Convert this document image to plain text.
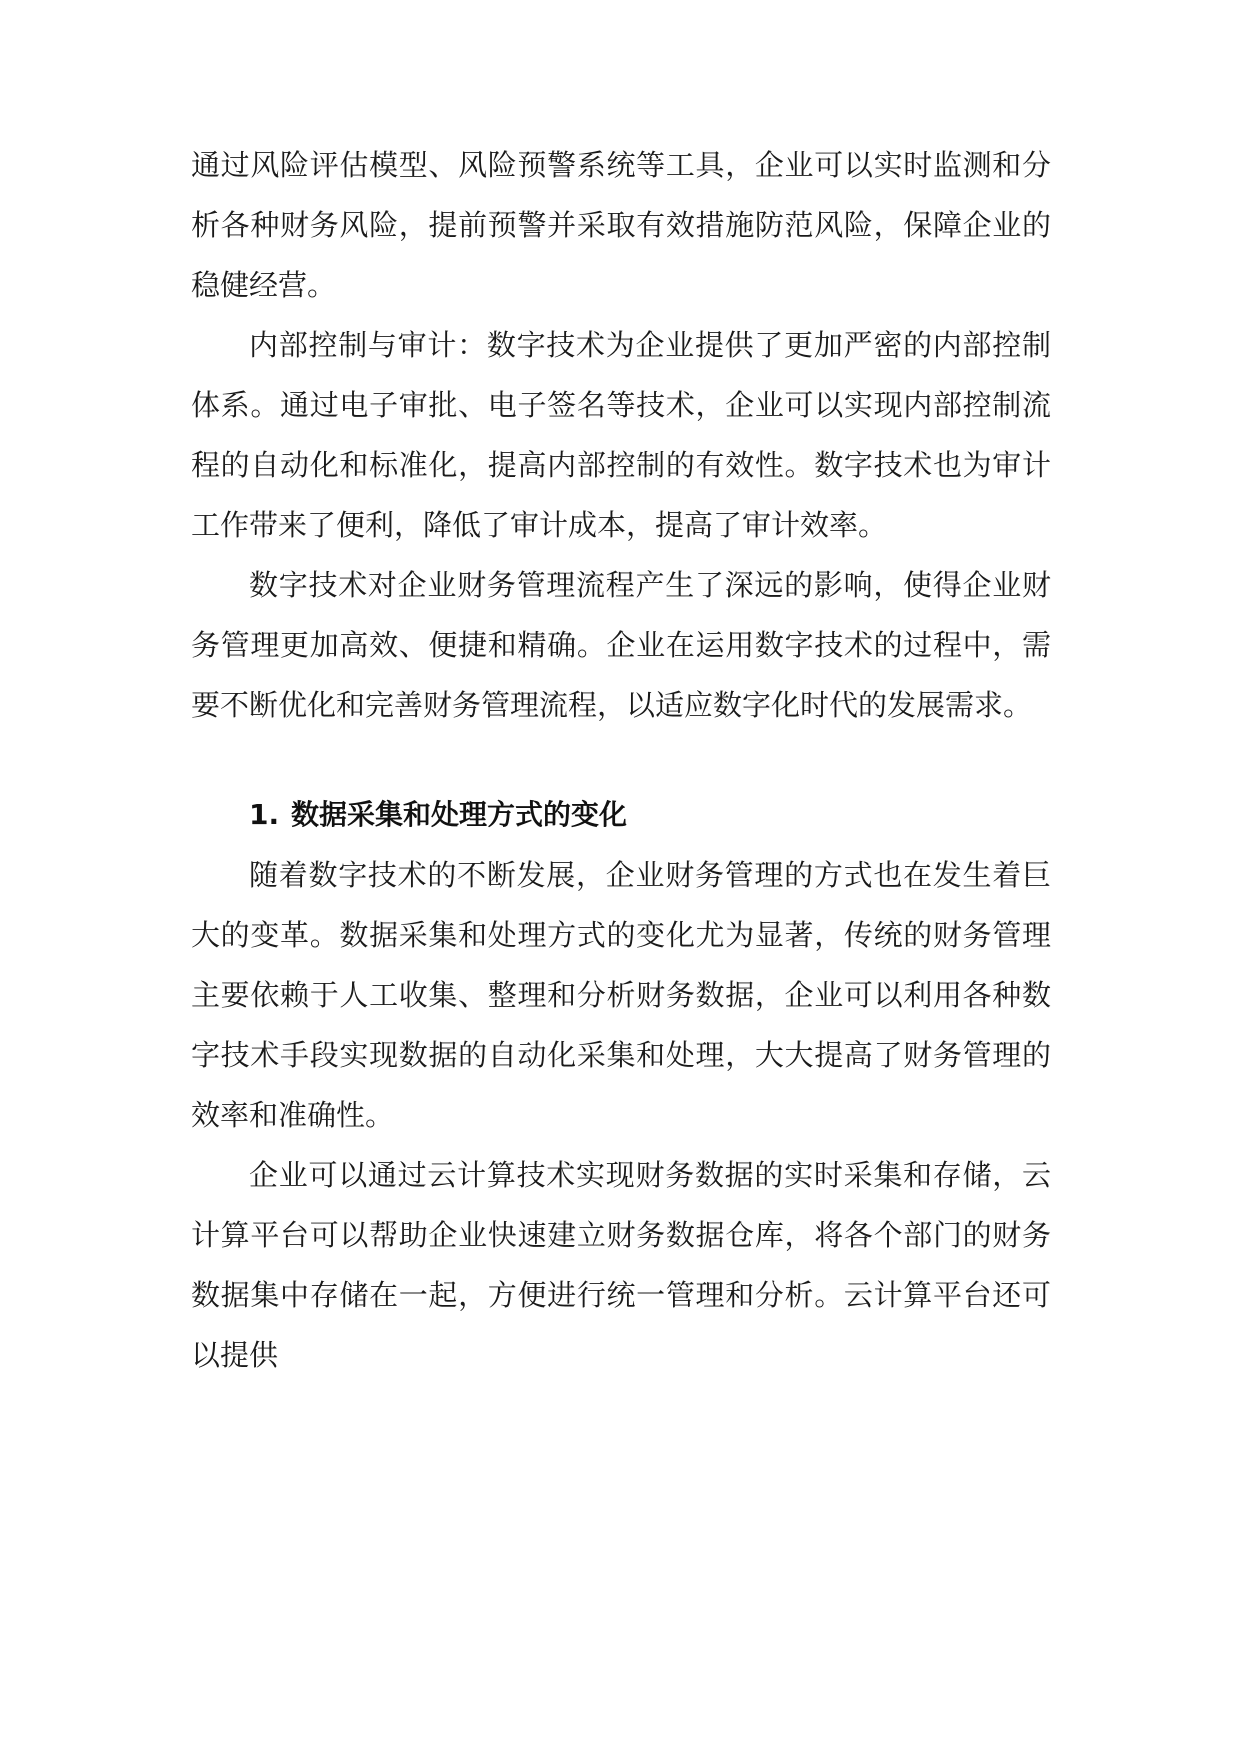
通过风险评估模型、风险预警系统等工具，企业可以实时监测和分析各种财务风险，提前预警并采取有效措施防范风险，保障企业的稳健经营。

内部控制与审计：数字技术为企业提供了更加严密的内部控制体系。通过电子审批、电子签名等技术，企业可以实现内部控制流程的自动化和标准化，提高内部控制的有效性。数字技术也为审计工作带来了便利，降低了审计成本，提高了审计效率。

数字技术对企业财务管理流程产生了深远的影响，使得企业财务管理更加高效、便捷和精确。企业在运用数字技术的过程中，需要不断优化和完善财务管理流程，以适应数字化时代的发展需求。

1. 数据采集和处理方式的变化

随着数字技术的不断发展，企业财务管理的方式也在发生着巨大的变革。数据采集和处理方式的变化尤为显著，传统的财务管理主要依赖于人工收集、整理和分析财务数据，企业可以利用各种数字技术手段实现数据的自动化采集和处理，大大提高了财务管理的效率和准确性。

企业可以通过云计算技术实现财务数据的实时采集和存储，云计算平台可以帮助企业快速建立财务数据仓库，将各个部门的财务数据集中存储在一起，方便进行统一管理和分析。云计算平台还可以提供
